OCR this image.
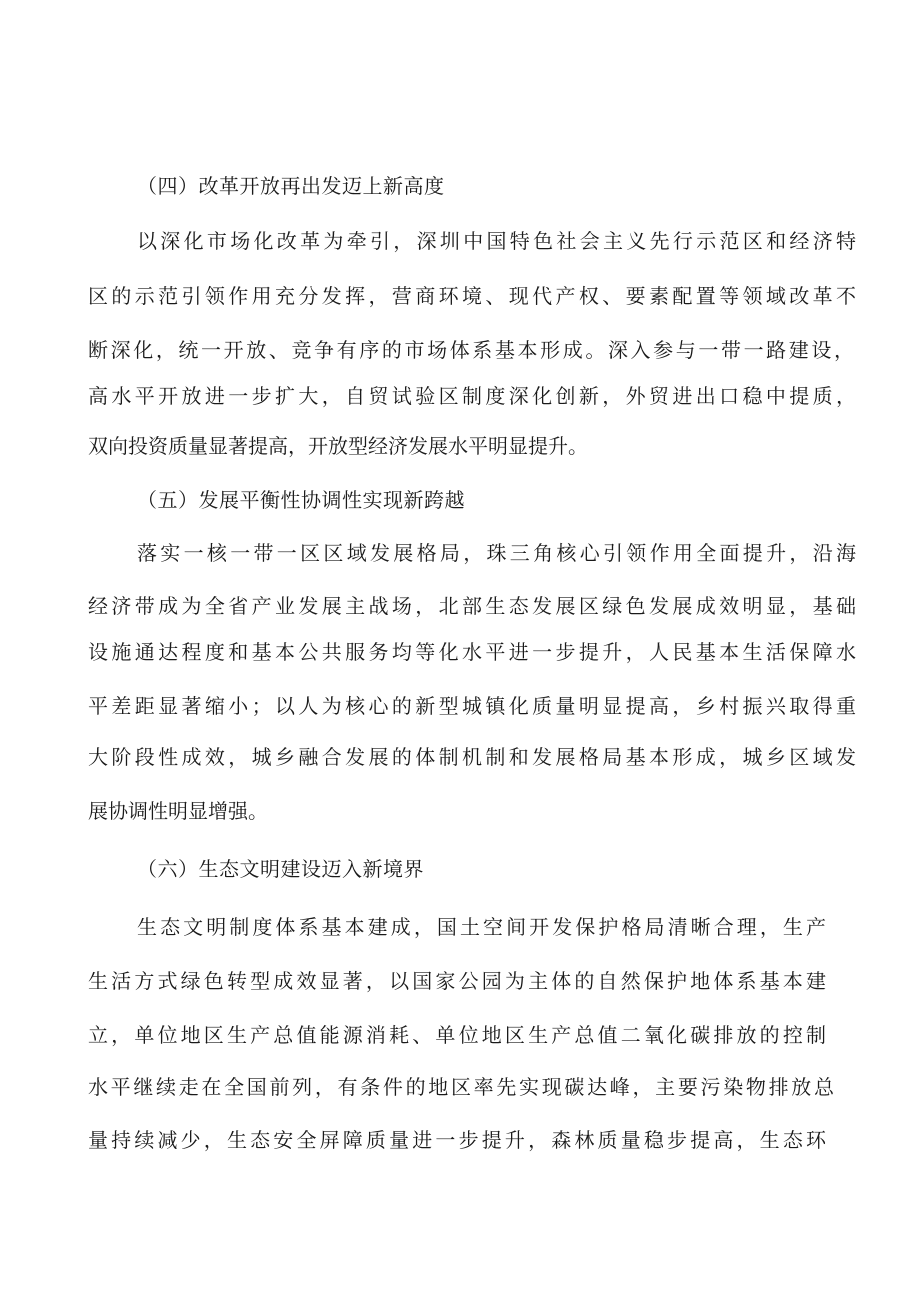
（四）改革开放再出发迈上新高度
以深化市场化改革为牵引，深圳中国特色社会主义先行示范区和经济特
区的示范引领作用充分发挥，营商环境、现代产权、要素配置等领域改革不
断深化，统一开放、竞争有序的市场体系基本形成。深入参与一带一路建设，
高水平开放进一步扩大，自贸试验区制度深化创新，外贸进出口稳中提质，
双向投资质量显著提高，开放型经济发展水平明显提升。
（五）发展平衡性协调性实现新跨越
落实一核一带一区区域发展格局，珠三角核心引领作用全面提升，沿海
经济带成为全省产业发展主战场，北部生态发展区绿色发展成效明显，基础
设施通达程度和基本公共服务均等化水平进一步提升，人民基本生活保障水
平差距显著缩小；以人为核心的新型城镇化质量明显提高，乡村振兴取得重
大阶段性成效，城乡融合发展的体制机制和发展格局基本形成，城乡区域发
展协调性明显增强。
（六）生态文明建设迈入新境界
生态文明制度体系基本建成，国土空间开发保护格局清晰合理，生产
生活方式绿色转型成效显著，以国家公园为主体的自然保护地体系基本建
立，单位地区生产总值能源消耗、单位地区生产总值二氧化碳排放的控制
水平继续走在全国前列，有条件的地区率先实现碳达峰，主要污染物排放总
量持续减少，生态安全屏障质量进一步提升，森林质量稳步提高，生态环
